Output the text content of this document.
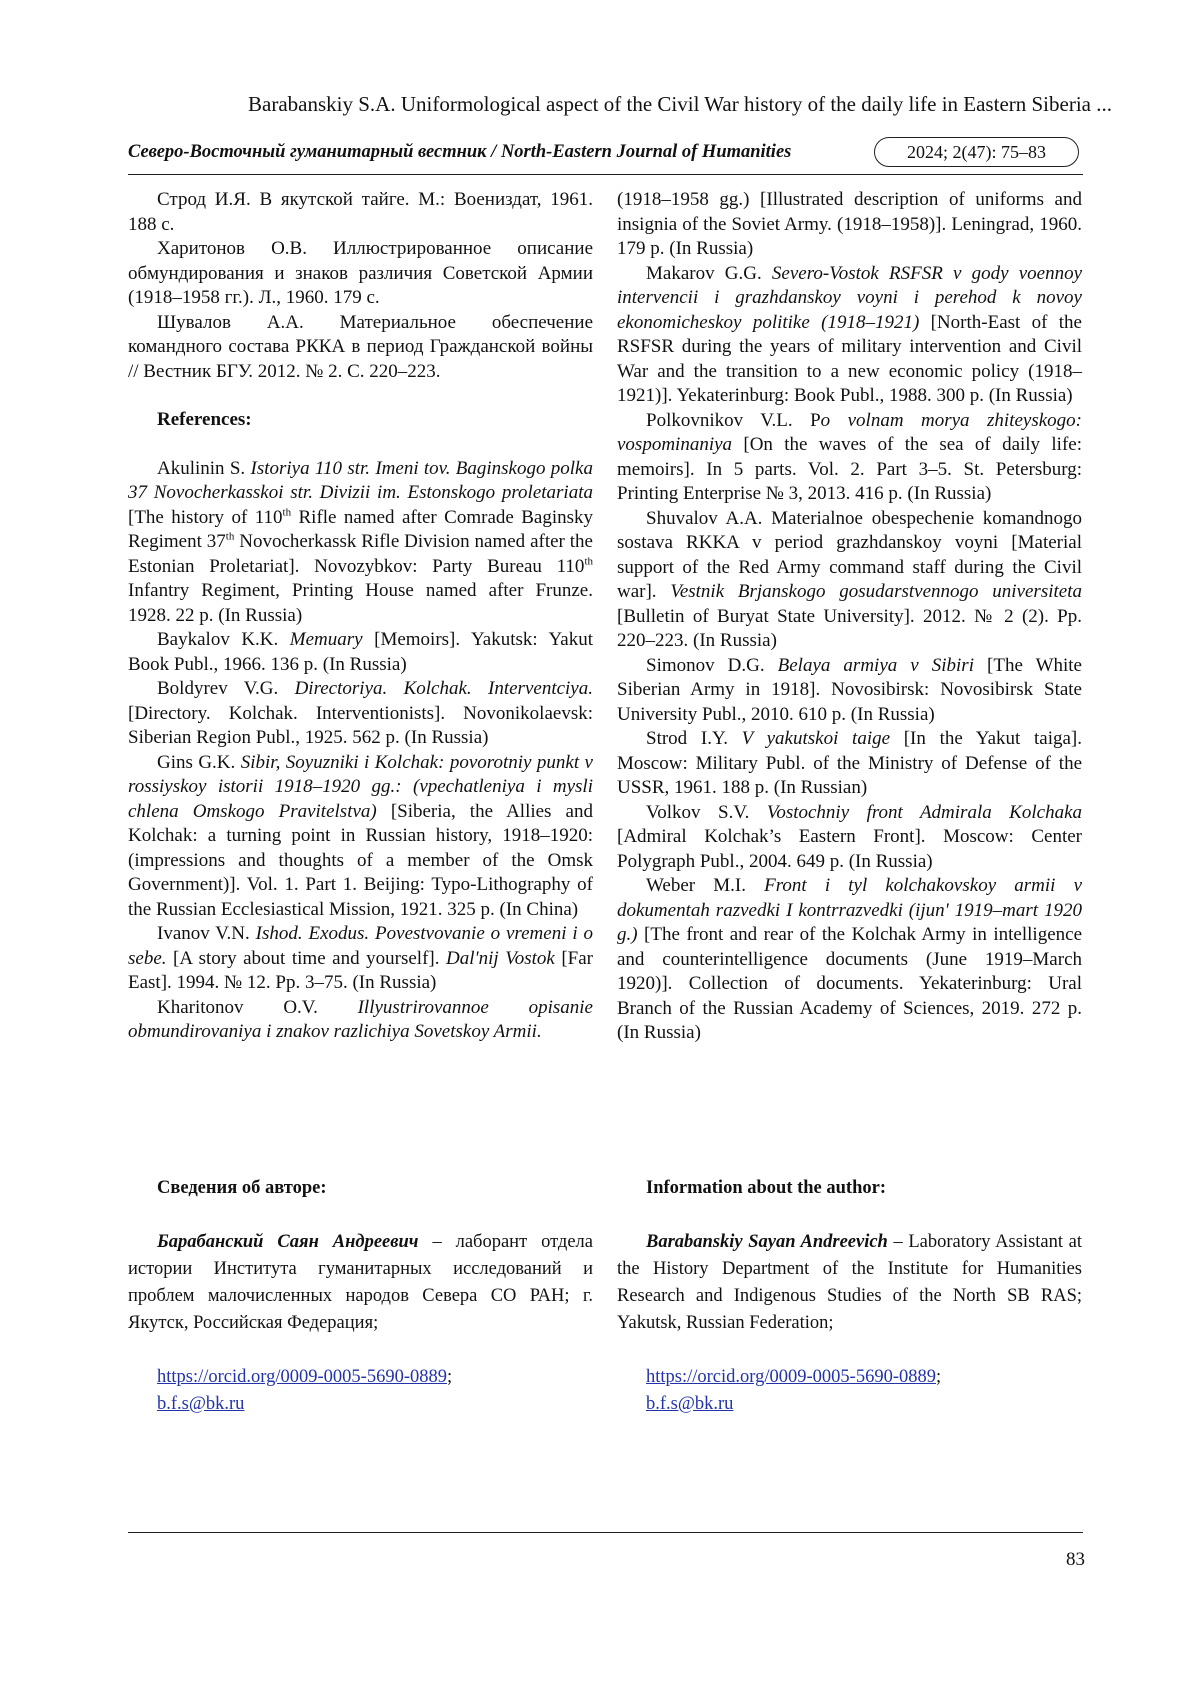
Barabanskiy S.A. Uniformological aspect of the Civil War history of the daily life in Eastern Siberia ...
Северо-Восточный гуманитарный вестник / North-Eastern Journal of Humanities	2024; 2(47): 75–83

Строд И.Я. В якутской тайге. М.: Воениздат, 1961. 188 с.

Харитонов О.В. Иллюстрированное описание обмундирования и знаков различия Советской Армии (1918–1958 гг.). Л., 1960. 179 с.

Шувалов А.А. Материальное обеспечение командного состава РККА в период Гражданской войны // Вестник БГУ. 2012. № 2. С. 220–223.

References:

Akulinin S. Istoriya 110 str. Imeni tov. Baginskogo polka 37 Novocherkasskoi str. Divizii im. Estonskogo proletariata [The history of 110th Rifle named after Comrade Baginsky Regiment 37th Novocherkassk Rifle Division named after the Estonian Proletariat]. Novozybkov: Party Bureau 110th Infantry Regiment, Printing House named after Frunze. 1928. 22 p. (In Russia)

Baykalov K.K. Memuary [Memoirs]. Yakutsk: Yakut Book Publ., 1966. 136 p. (In Russia)

Boldyrev V.G. Directoriya. Kolchak. Interventciya. [Directory. Kolchak. Interventionists]. Novonikolaevsk: Siberian Region Publ., 1925. 562 p. (In Russia)

Gins G.K. Sibir, Soyuzniki i Kolchak: povorotniy punkt v rossiyskoy istorii 1918–1920 gg.: (vpechatleniya i mysli chlena Omskogo Pravitelstva) [Siberia, the Allies and Kolchak: a turning point in Russian history, 1918–1920: (impressions and thoughts of a member of the Omsk Government)]. Vol. 1. Part 1. Beijing: Typo-Lithography of the Russian Ecclesiastical Mission, 1921. 325 p. (In China)

Ivanov V.N. Ishod. Exodus. Povestvovanie o vremeni i o sebe. [A story about time and yourself]. Dal'nij Vostok [Far East]. 1994. № 12. Pp. 3–75. (In Russia)

Kharitonov O.V. Illyustrirovannoe opisanie obmundirovaniya i znakov razlichiya Sovetskoy Armii.

(1918–1958 gg.) [Illustrated description of uniforms and insignia of the Soviet Army. (1918–1958)]. Leningrad, 1960. 179 p. (In Russia)

Makarov G.G. Severo-Vostok RSFSR v gody voennoy intervencii i grazhdanskoy voyni i perehod k novoy ekonomicheskoy politike (1918–1921) [North-East of the RSFSR during the years of military intervention and Civil War and the transition to a new economic policy (1918–1921)]. Yekaterinburg: Book Publ., 1988. 300 p. (In Russia)

Polkovnikov V.L. Po volnam morya zhiteyskogo: vospominaniya [On the waves of the sea of daily life: memoirs]. In 5 parts. Vol. 2. Part 3–5. St. Petersburg: Printing Enterprise № 3, 2013. 416 p. (In Russia)

Shuvalov A.A. Materialnoe obespechenie komandnogo sostava RKKA v period grazhdanskoy voyni [Material support of the Red Army command staff during the Civil war]. Vestnik Brjanskogo gosudarstvennogo universiteta [Bulletin of Buryat State University]. 2012. № 2 (2). Pp. 220–223. (In Russia)

Simonov D.G. Belaya armiya v Sibiri [The White Siberian Army in 1918]. Novosibirsk: Novosibirsk State University Publ., 2010. 610 p. (In Russia)

Strod I.Y. V yakutskoi taige [In the Yakut taiga]. Moscow: Military Publ. of the Ministry of Defense of the USSR, 1961. 188 p. (In Russian)

Volkov S.V. Vostochniy front Admirala Kolchaka [Admiral Kolchak’s Eastern Front]. Moscow: Center Polygraph Publ., 2004. 649 p. (In Russia)

Weber M.I. Front i tyl kolchakovskoy armii v dokumentah razvedki I kontrrazvedki (ijun' 1919–mart 1920 g.) [The front and rear of the Kolchak Army in intelligence and counterintelligence documents (June 1919–March 1920)]. Collection of documents. Yekaterinburg: Ural Branch of the Russian Academy of Sciences, 2019. 272 p. (In Russia)

Сведения об авторе:

Барабанский Саян Андреевич – лаборант отдела истории Института гуманитарных исследований и проблем малочисленных народов Севера СО РАН; г. Якутск, Российская Федерация;

https://orcid.org/0009-0005-5690-0889;

b.f.s@bk.ru

Information about the author:

Barabanskiy Sayan Andreevich – Laboratory Assistant at the History Department of the Institute for Humanities Research and Indigenous Studies of the North SB RAS; Yakutsk, Russian Federation;

https://orcid.org/0009-0005-5690-0889;

b.f.s@bk.ru

83
